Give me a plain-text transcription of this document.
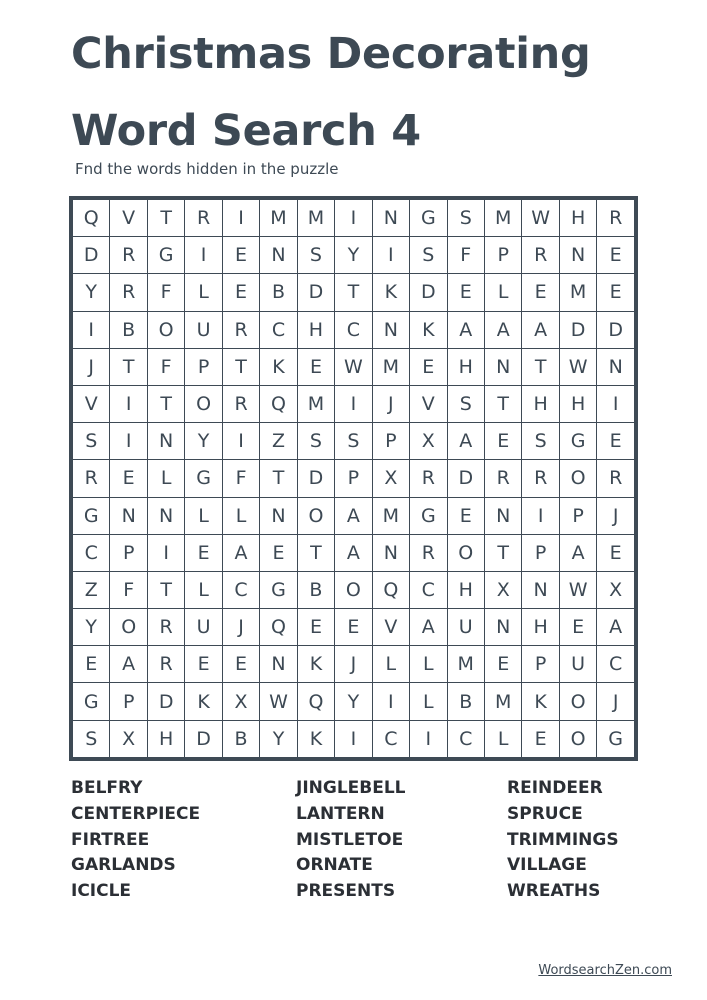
Christmas Decorating
Word Search 4

Fnd the words hidden in the puzzle

Q	V	T	R	I	M	M	I	N	G	S	M	W	H	R
D	R	G	I	E	N	S	Y	I	S	F	P	R	N	E
Y	R	F	L	E	B	D	T	K	D	E	L	E	M	E
I	B	O	U	R	C	H	C	N	K	A	A	A	D	D
J	T	F	P	T	K	E	W	M	E	H	N	T	W	N
V	I	T	O	R	Q	M	I	J	V	S	T	H	H	I
S	I	N	Y	I	Z	S	S	P	X	A	E	S	G	E
R	E	L	G	F	T	D	P	X	R	D	R	R	O	R
G	N	N	L	L	N	O	A	M	G	E	N	I	P	J
C	P	I	E	A	E	T	A	N	R	O	T	P	A	E
Z	F	T	L	C	G	B	O	Q	C	H	X	N	W	X
Y	O	R	U	J	Q	E	E	V	A	U	N	H	E	A
E	A	R	E	E	N	K	J	L	L	M	E	P	U	C
G	P	D	K	X	W	Q	Y	I	L	B	M	K	O	J
S	X	H	D	B	Y	K	I	C	I	C	L	E	O	G
BELFRY
CENTERPIECE
FIRTREE
GARLANDS
ICICLE
JINGLEBELL
LANTERN
MISTLETOE
ORNATE
PRESENTS
REINDEER
SPRUCE
TRIMMINGS
VILLAGE
WREATHS
WordsearchZen.com
